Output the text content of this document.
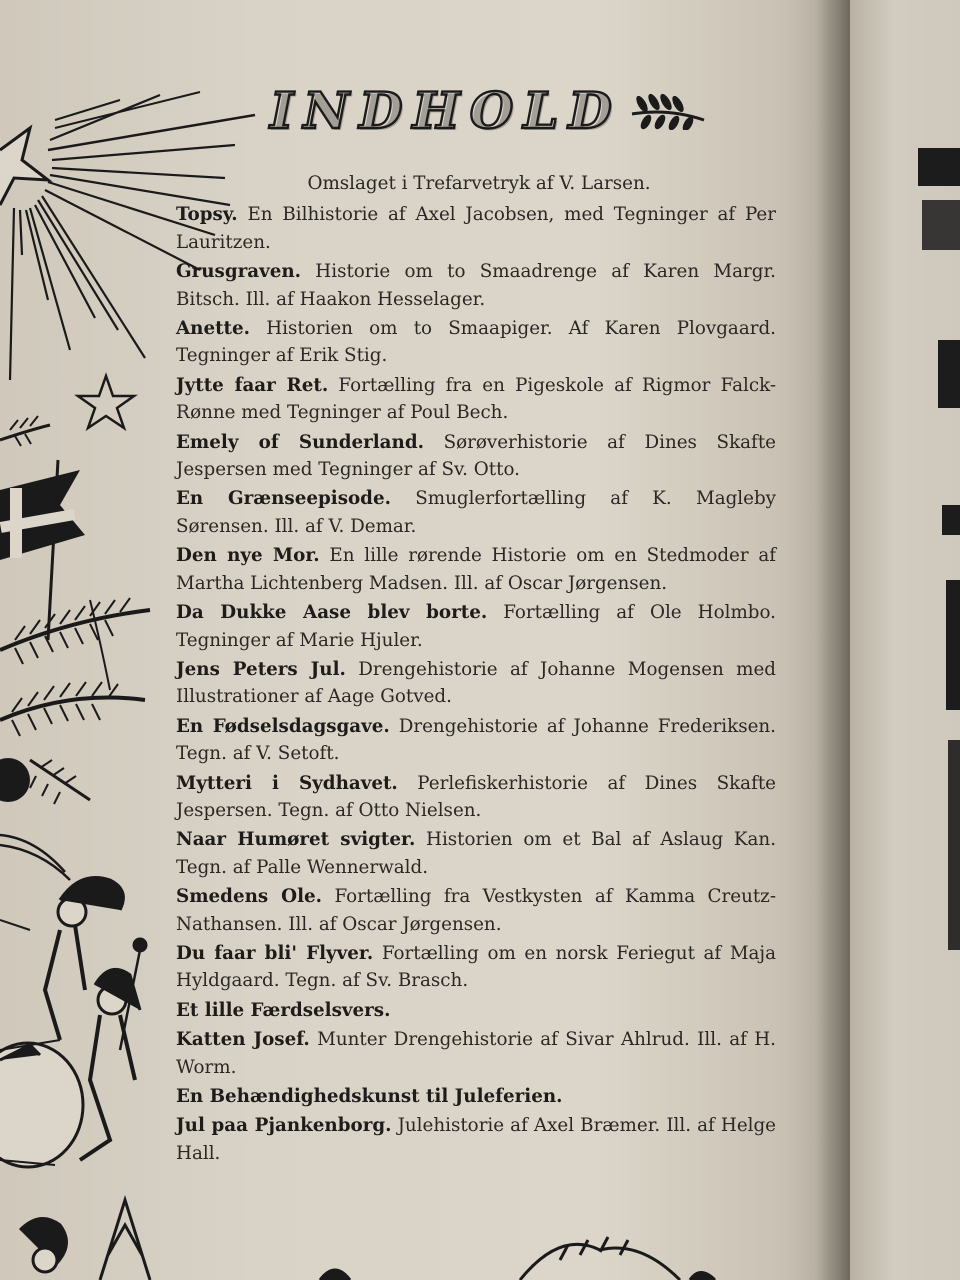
INDHOLD
Omslaget i Trefarvetryk af V. Larsen.
Topsy. En Bilhistorie af Axel Jacobsen, med Tegninger af Per Lauritzen.
Grusgraven. Historie om to Smaadrenge af Karen Margr. Bitsch. Ill. af Haakon Hesselager.
Anette. Historien om to Smaapiger. Af Karen Plovgaard. Tegninger af Erik Stig.
Jytte faar Ret. Fortælling fra en Pigeskole af Rigmor Falck-Rønne med Tegninger af Poul Bech.
Emely of Sunderland. Sørøverhistorie af Dines Skafte Jespersen med Tegninger af Sv. Otto.
En Grænseepisode. Smuglerfortælling af K. Magleby Sørensen. Ill. af V. Demar.
Den nye Mor. En lille rørende Historie om en Stedmoder af Martha Lichtenberg Madsen. Ill. af Oscar Jørgensen.
Da Dukke Aase blev borte. Fortælling af Ole Holmbo. Tegninger af Marie Hjuler.
Jens Peters Jul. Drengehistorie af Johanne Mogensen med Illustrationer af Aage Gotved.
En Fødselsdagsgave. Drengehistorie af Johanne Frederiksen. Tegn. af V. Setoft.
Mytteri i Sydhavet. Perlefiskerhistorie af Dines Skafte Jespersen. Tegn. af Otto Nielsen.
Naar Humøret svigter. Historien om et Bal af Aslaug Kan. Tegn. af Palle Wennerwald.
Smedens Ole. Fortælling fra Vestkysten af Kamma Creutz-Nathansen. Ill. af Oscar Jørgensen.
Du faar bli' Flyver. Fortælling om en norsk Feriegut af Maja Hyldgaard. Tegn. af Sv. Brasch.
Et lille Færdselsvers.
Katten Josef. Munter Drengehistorie af Sivar Ahlrud. Ill. af H. Worm.
En Behændighedskunst til Juleferien.
Jul paa Pjankenborg. Julehistorie af Axel Bræmer. Ill. af Helge Hall.
